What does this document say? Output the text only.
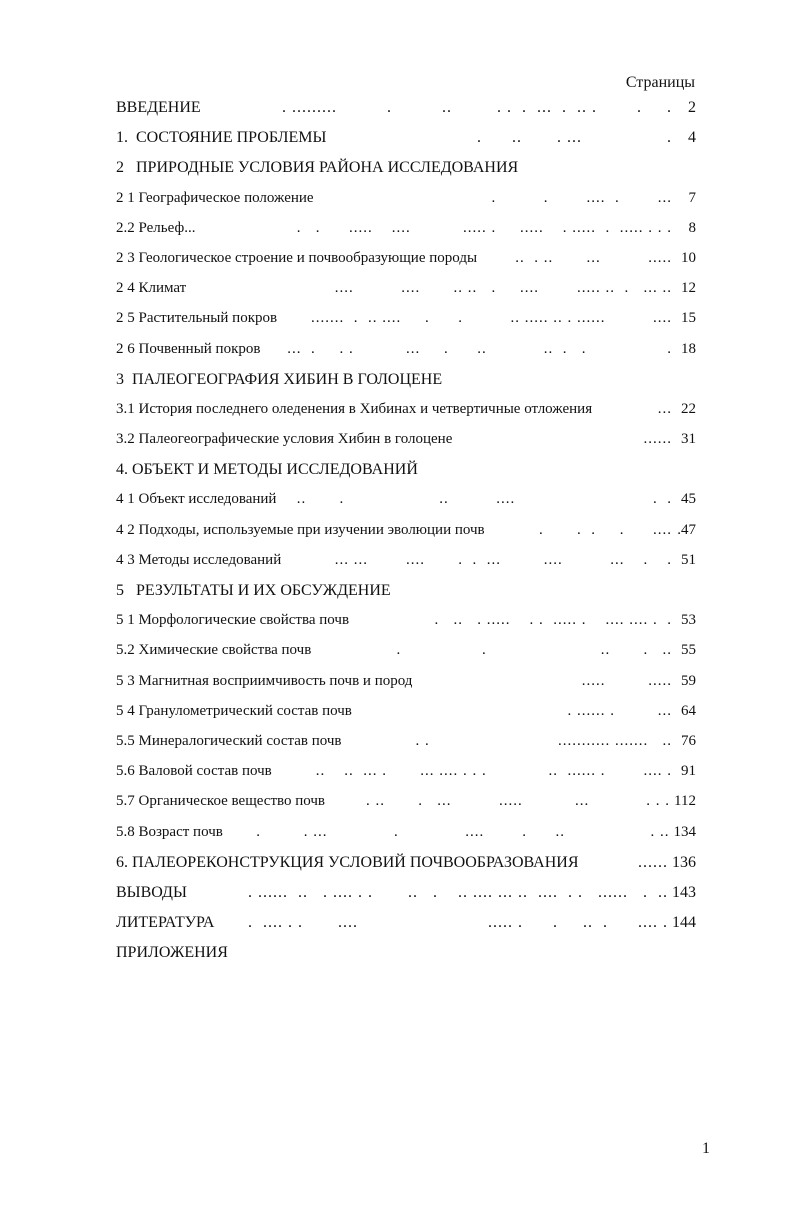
Страницы
ВВЕДЕНИЕ	. .........          .          ..         . .  .  ...  .  .. .        .     .	2
1.  СОСТОЯНИЕ ПРОБЛЕМЫ	.      ..       . ...                 .	4
2   ПРИРОДНЫЕ УСЛОВИЯ РАЙОНА ИССЛЕДОВАНИЯ
2 1 Географическое положение	.          .        ....  .        ...	7
2.2 Рельеф...	.   .      .....    ....           ..... .     .....    . .....  .  ..... . . .	8
2 3 Геологическое строение и почвообразующие породы	..  . ..       ...          ..... 10
2 4 Климат	....          ....       .. ..   .     ....        ..... ..  .   ... .. 12
2 5 Растительный покров	.......  .  .. ....     .      .          .. ..... .. . ......          .... 15
2 6 Почвенный покров	...  .     . .           ...     .      ..            ..  .   .                 . 18
3  ПАЛЕОГЕОГРАФИЯ ХИБИН В ГОЛОЦЕНЕ
3.1 История последнего оледенения в Хибинах и четвертичные отложения	... 22
3.2 Палеогеографические условия Хибин в голоцене	...... 31
4. ОБЪЕКТ И МЕТОДЫ ИССЛЕДОВАНИЙ
4 1 Объект исследований	..       .                    ..          ....                             .  . 45
4 2 Подходы, используемые при изучении эволюции почв	.       .  .     .      .... .47
4 3 Методы исследований	... ...        ....       .  .  ...         ....          ...    .    . 51
5   РЕЗУЛЬТАТЫ И ИХ ОБСУЖДЕНИЕ
5 1 Морфологические свойства почв	.   ..   . .....    . .  ..... .    .... .... .  . 53
5.2 Химические свойства почв	.                 .                        ..       .   .. 55
5 3 Магнитная восприимчивость почв и пород	.....         ..... 59
5 4 Гранулометрический состав почв	. ...... .         ... 64
5.5 Минералогический состав почв	. .                           ........... .......   .. 76
5.6 Валовой состав почв	..    ..  ... .       ... .... . . .             ..  ...... .        .... . 91
5.7 Органическое вещество почв	. ..       .   ...          .....           ...            . . . 112
5.8 Возраст почв	.         . ...              .              ....        .      ..                  . .. 134
6. ПАЛЕОРЕКОНСТРУКЦИЯ УСЛОВИЙ ПОЧВООБРАЗОВАНИЯ	...... 136
ВЫВОДЫ	. ......  ..   . .... . .       ..   .    .. .... ... ..  ....  . .   ......   .  .. 143
ЛИТЕРАТУРА	.  .... . .       ....                          ..... .      .     ..  .      .... . 144
ПРИЛОЖЕНИЯ
1
